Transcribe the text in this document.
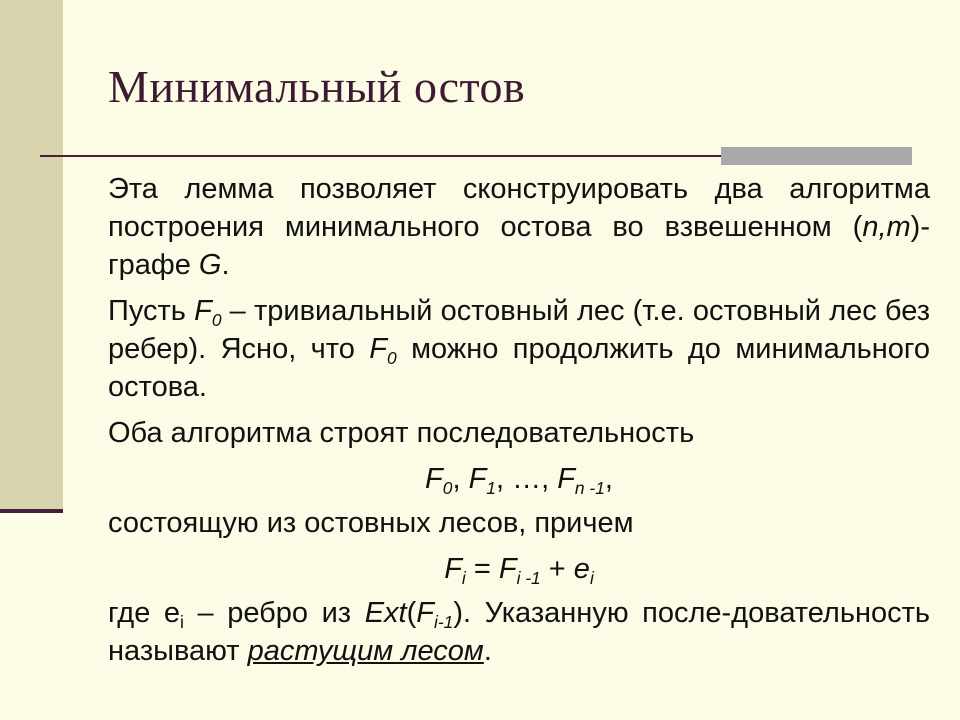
Минимальный остов

Эта лемма позволяет сконструировать два алгоритма построения минимального остова во взвешенном (n,m)-графе G.

Пусть $F_0$ – тривиальный остовный лес (т.е. остовный лес без ребер). Ясно, что $F_0$ можно продолжить до минимального остова.

Оба алгоритма строят последовательность

$F_0$, $F_1$, …, $F_{n -1}$,

состоящую из остовных лесов, причем

$F_i = F_{i -1} + e_i$

где $e_i$ – ребро из $Ext(F_{i-1})$. Указанную после-довательность называют растущим лесом.
